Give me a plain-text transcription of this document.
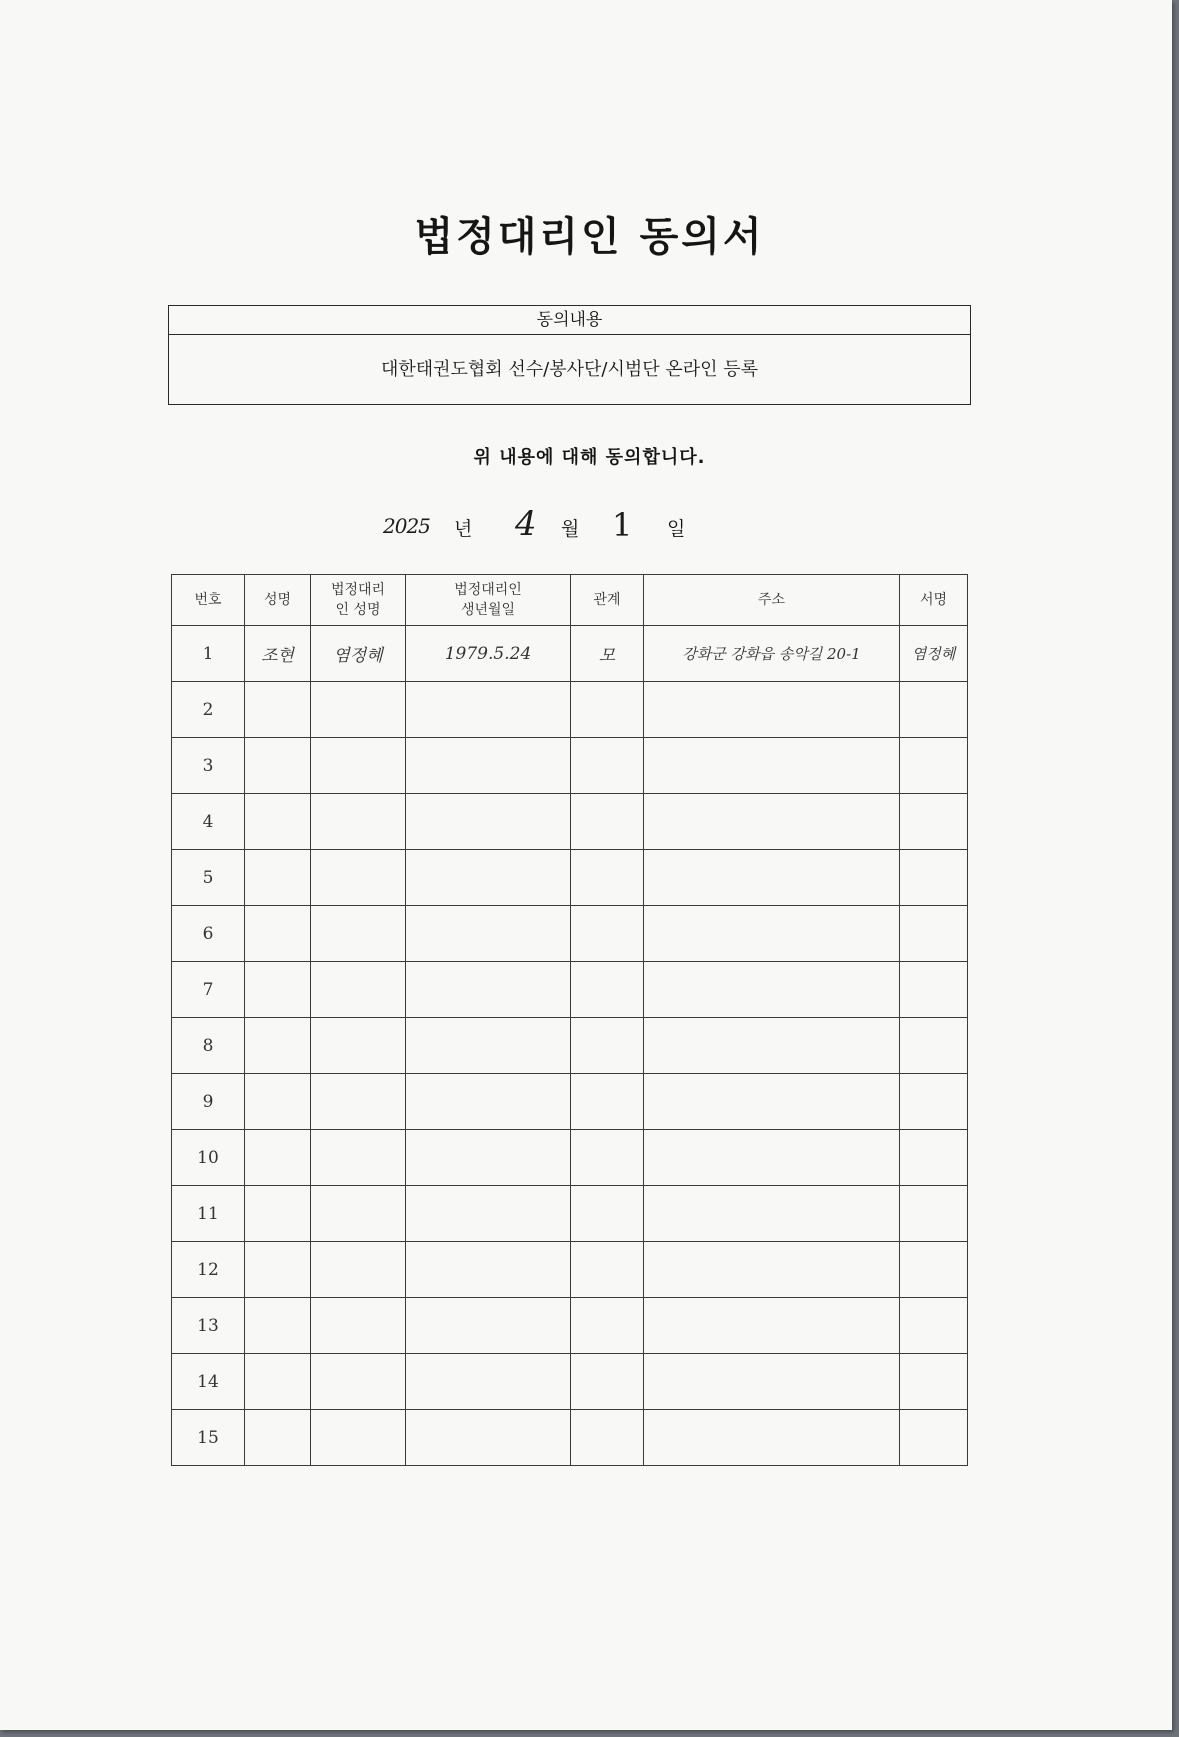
법정대리인 동의서
동의내용
대한태권도협회 선수/봉사단/시범단 온라인 등록
위 내용에 대해 동의합니다.
2025 년 4 월 1 일
번호	성명	법정대리인 성명	법정대리인 생년월일	관계	주소	서명
1	조현	염정혜	1979.5.24	모	강화군 강화읍 송악길 20-1	염정혜
2						
3						
4						
5						
6						
7						
8						
9						
10						
11						
12						
13						
14						
15						
